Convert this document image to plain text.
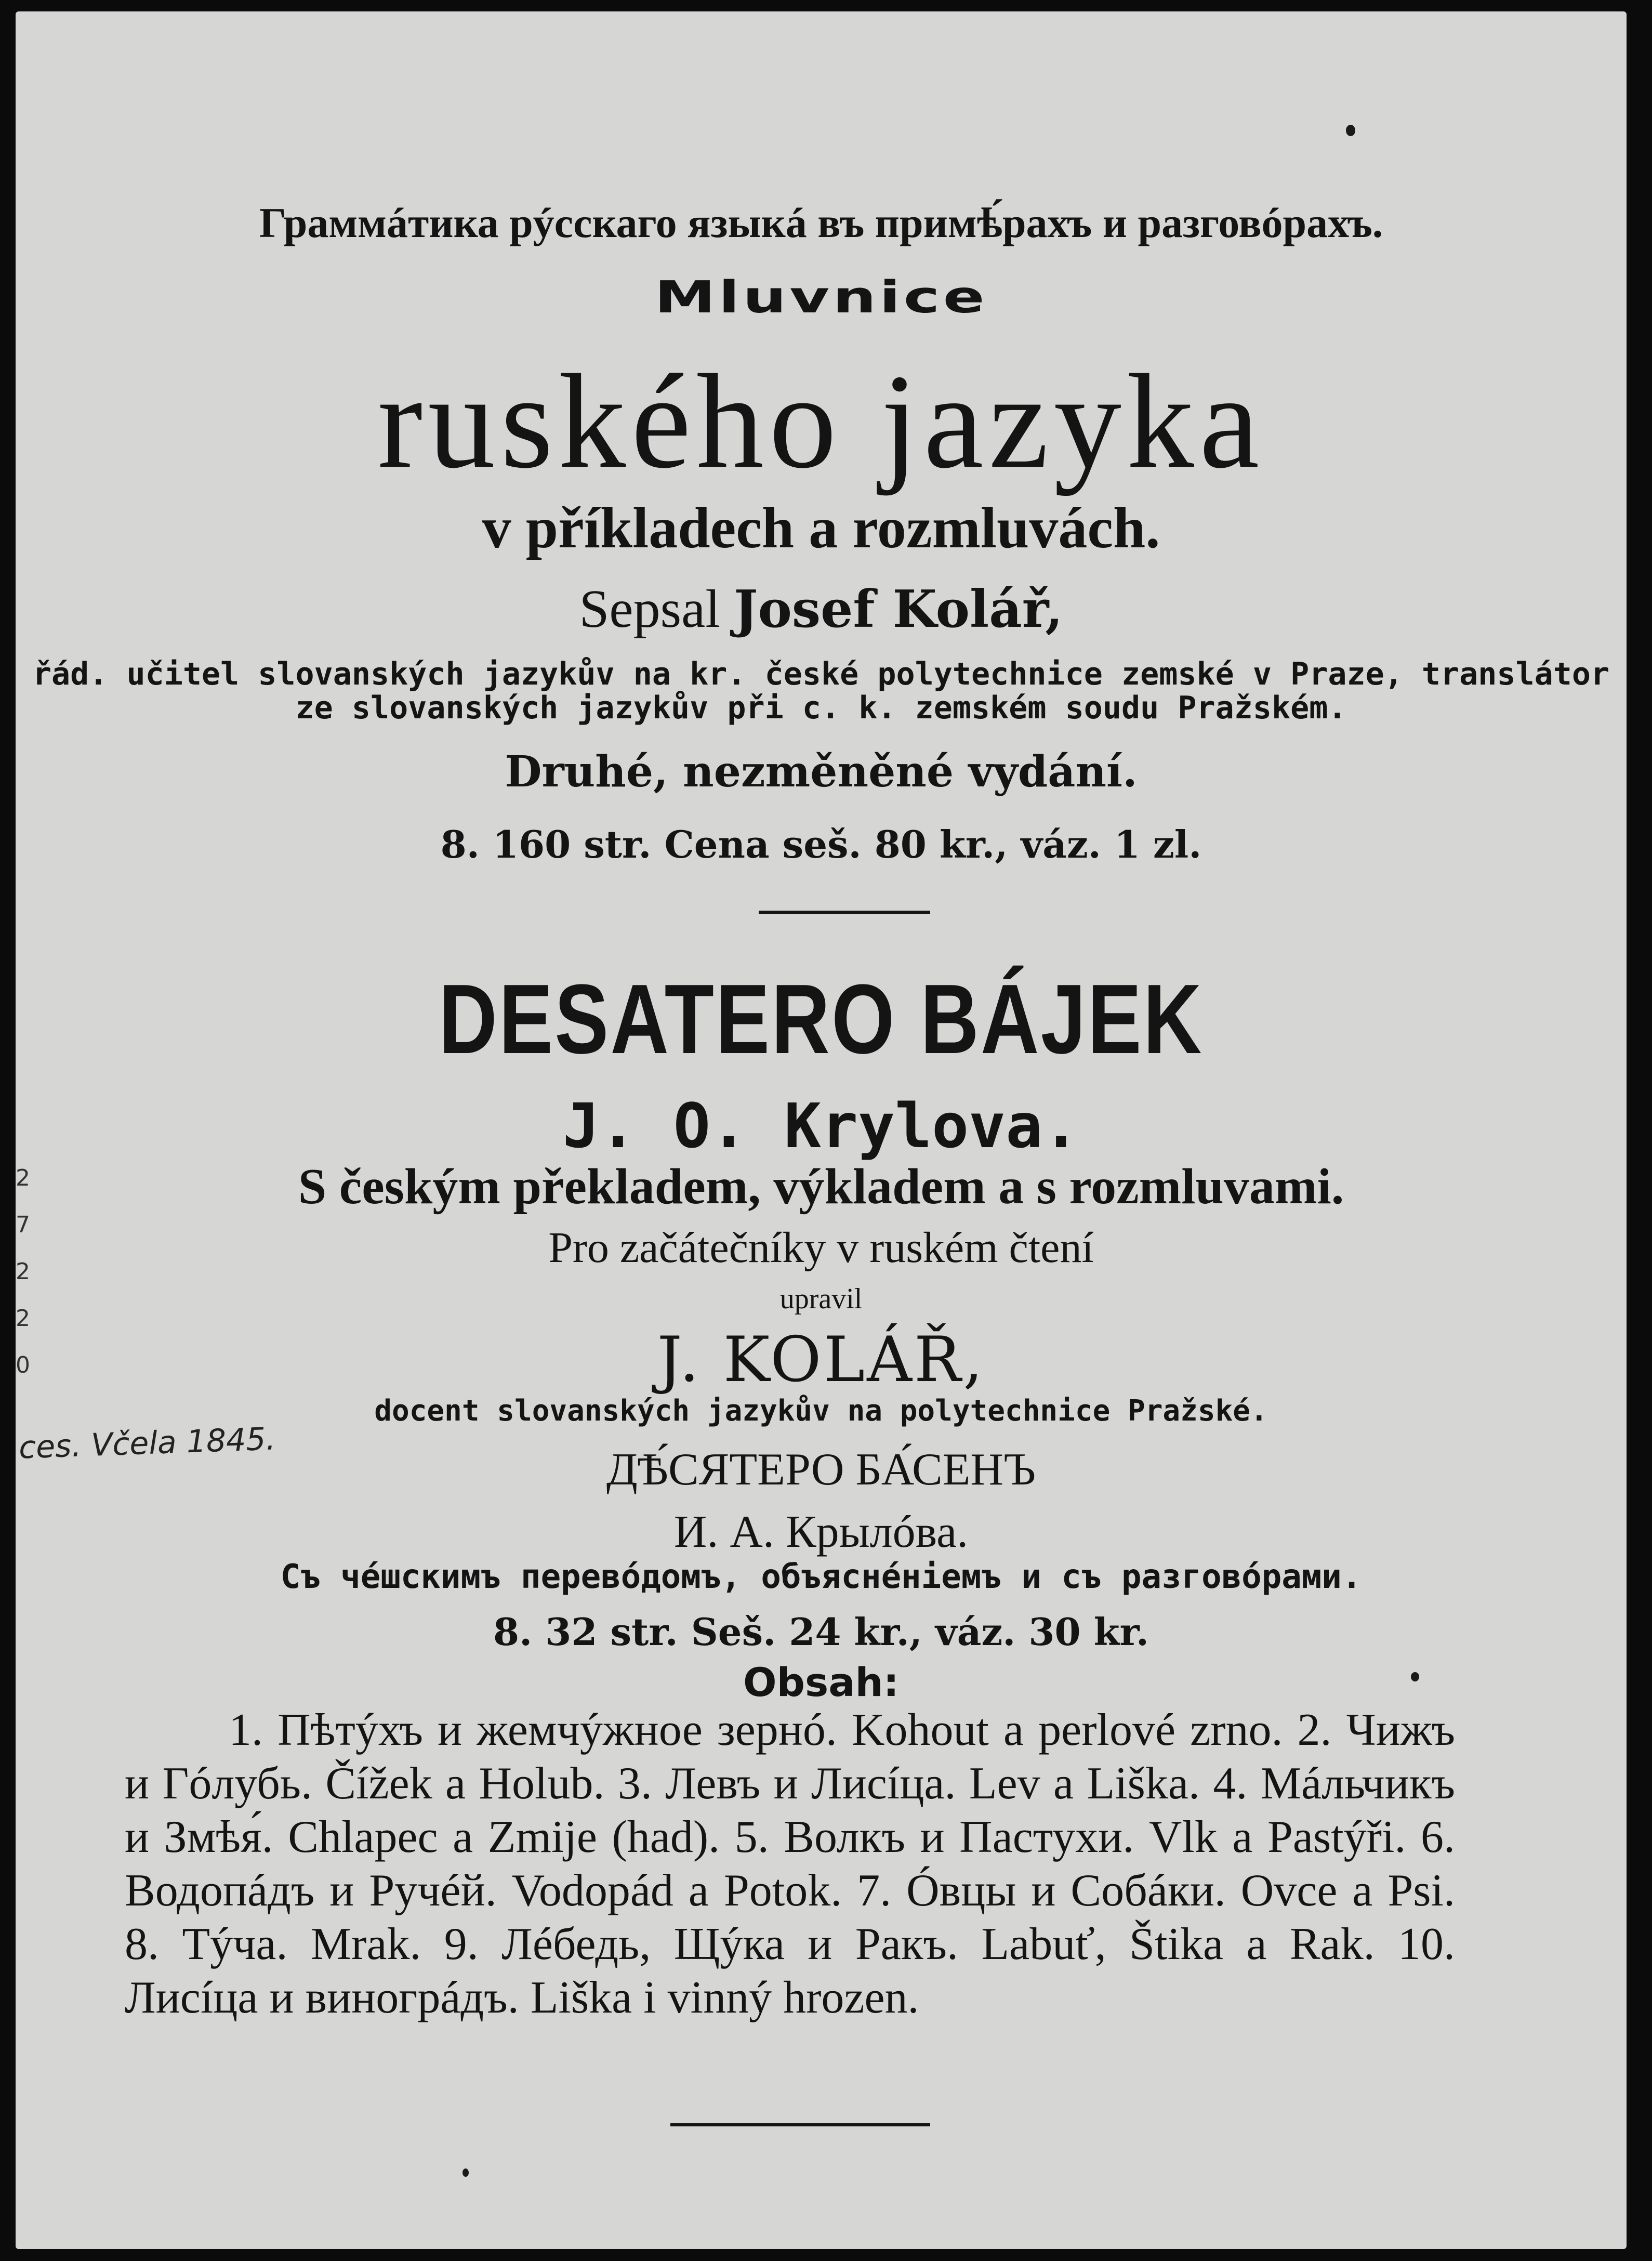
2
7
2
2
0
ces. Včela 1845.
Граммáтика рýсскаго языкá въ примѣ́рахъ и разговóрахъ.
Mluvnice
ruského jazyka
v příkladech a rozmluvách.
Sepsal Josef Kolář,
řád. učitel slovanských jazykův na kr. české polytechnice zemské v Praze, translátor
ze slovanských jazykův při c. k. zemském soudu Pražském.
Druhé, nezměněné vydání.
8. 160 str. Cena seš. 80 kr., váz. 1 zl.
DESATERO BÁJEK
J. O. Krylova.
S českým překladem, výkladem a s rozmluvami.
Pro začátečníky v ruském čtení
upravil
J. KOLÁŘ,
docent slovanských jazykův na polytechnice Pražské.
ДѢ́СЯТЕРО БА́СЕНЪ
И. А. Крылóва.
Съ чéшскимъ перевóдомъ, объяснéніемъ и съ разговóрами.
8. 32 str. Seš. 24 kr., váz. 30 kr.
Obsah:
1. Пѣтýхъ и жемчýжное зернó. Kohout a perlové zrno. 2. Чижъ и Гóлубь. Čížek a Holub. 3. Левъ и Лисíца. Lev a Liška. 4. Мáльчикъ и Змѣя́. Chlapec a Zmije (had). 5. Волкъ и Пастухи. Vlk a Pastýři. 6. Водопáдъ и Ручéй. Vodopád a Potok. 7. Óвцы и Собáки. Ovce a Psi. 8. Тýча. Mrak. 9. Лéбедь, Щýка и Ракъ. Labuť, Štika a Rak. 10. Лисíца и виногрáдъ. Liška i vinný hrozen.
